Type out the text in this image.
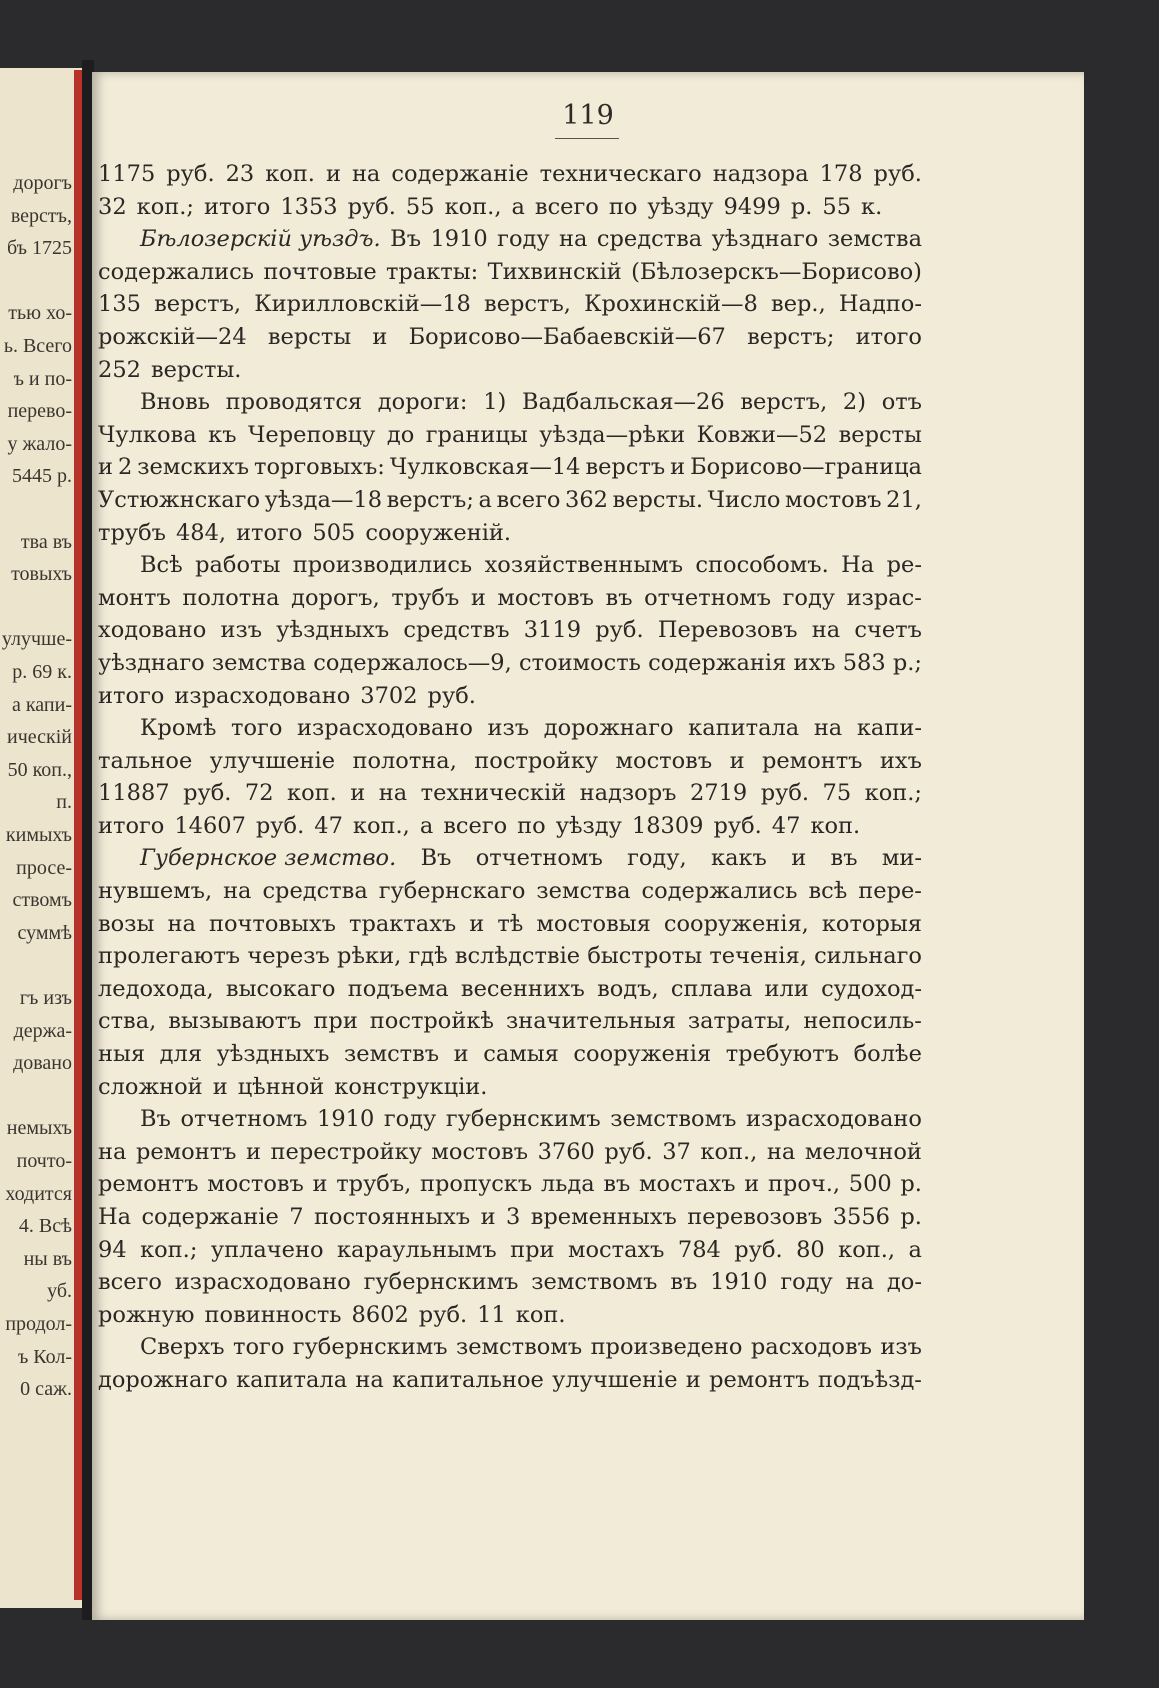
дорогъ
верстъ,
бъ 1725
тью хо-
ь. Всего
ъ и по-
перево-
у жало-
5445 р.
тва въ
товыхъ
улучше-
р. 69 к.
а капи-
ическій
50 коп.,
п.
кимыхъ
просе-
ствомъ
суммѣ
гъ изъ
держа-
довано
немыхъ
почто-
ходится
4. Всѣ
ны въ
уб.
продол-
ъ Кол-
0 саж.
119
1175 руб. 23 коп. и на содержаніе техническаго надзора 178 руб.
32 коп.; итого 1353 руб. 55 коп., а всего по уѣзду 9499 р. 55 к.
Бѣлозерскій уѣздъ. Въ 1910 году на средства уѣзднаго земства
содержались почтовые тракты: Тихвинскій (Бѣлозерскъ—Борисово)
135 верстъ, Кирилловскій—18 верстъ, Крохинскій—8 вер., Надпо-
рожскій—24 версты и Борисово—Бабаевскій—67 верстъ; итого
252 версты.
Вновь проводятся дороги: 1) Вадбальская—26 верстъ, 2) отъ
Чулкова къ Череповцу до границы уѣзда—рѣки Ковжи—52 версты
и 2 земскихъ торговыхъ: Чулковская—14 верстъ и Борисово—граница
Устюжнскаго уѣзда—18 верстъ; а всего 362 версты. Число мостовъ 21,
трубъ 484, итого 505 сооруженій.
Всѣ работы производились хозяйственнымъ способомъ. На ре-
монтъ полотна дорогъ, трубъ и мостовъ въ отчетномъ году израс-
ходовано изъ уѣздныхъ средствъ 3119 руб. Перевозовъ на счетъ
уѣзднаго земства содержалось—9, стоимость содержанія ихъ 583 р.;
итого израсходовано 3702 руб.
Кромѣ того израсходовано изъ дорожнаго капитала на капи-
тальное улучшеніе полотна, постройку мостовъ и ремонтъ ихъ
11887 руб. 72 коп. и на техническій надзоръ 2719 руб. 75 коп.;
итого 14607 руб. 47 коп., а всего по уѣзду 18309 руб. 47 коп.
Губернское земство. Въ отчетномъ году, какъ и въ ми-
нувшемъ, на средства губернскаго земства содержались всѣ пере-
возы на почтовыхъ трактахъ и тѣ мостовыя сооруженія, которыя
пролегаютъ черезъ рѣки, гдѣ вслѣдствіе быстроты теченія, сильнаго
ледохода, высокаго подъема весеннихъ водъ, сплава или судоход-
ства, вызываютъ при постройкѣ значительныя затраты, непосиль-
ныя для уѣздныхъ земствъ и самыя сооруженія требуютъ болѣе
сложной и цѣнной конструкціи.
Въ отчетномъ 1910 году губернскимъ земствомъ израсходовано
на ремонтъ и перестройку мостовъ 3760 руб. 37 коп., на мелочной
ремонтъ мостовъ и трубъ, пропускъ льда въ мостахъ и проч., 500 р.
На содержаніе 7 постоянныхъ и 3 временныхъ перевозовъ 3556 р.
94 коп.; уплачено караульнымъ при мостахъ 784 руб. 80 коп., а
всего израсходовано губернскимъ земствомъ въ 1910 году на до-
рожную повинность 8602 руб. 11 коп.
Сверхъ того губернскимъ земствомъ произведено расходовъ изъ
дорожнаго капитала на капитальное улучшеніе и ремонтъ подъѣзд-
